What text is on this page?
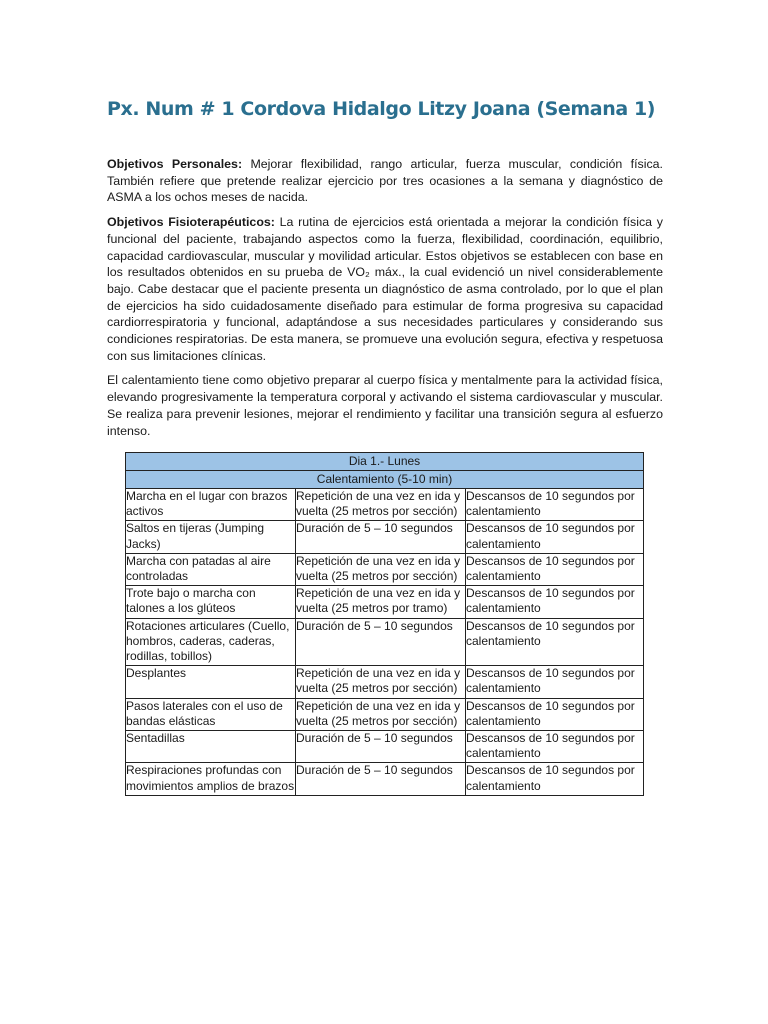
Px. Num # 1 Cordova Hidalgo Litzy Joana (Semana 1)

Objetivos Personales: Mejorar flexibilidad, rango articular, fuerza muscular, condición física. También refiere que pretende realizar ejercicio por tres ocasiones a la semana y diagnóstico de ASMA a los ochos meses de nacida.

Objetivos Fisioterapéuticos: La rutina de ejercicios está orientada a mejorar la condición física y funcional del paciente, trabajando aspectos como la fuerza, flexibilidad, coordinación, equilibrio, capacidad cardiovascular, muscular y movilidad articular. Estos objetivos se establecen con base en los resultados obtenidos en su prueba de VO₂ máx., la cual evidenció un nivel considerablemente bajo. Cabe destacar que el paciente presenta un diagnóstico de asma controlado, por lo que el plan de ejercicios ha sido cuidadosamente diseñado para estimular de forma progresiva su capacidad cardiorrespiratoria y funcional, adaptándose a sus necesidades particulares y considerando sus condiciones respiratorias. De esta manera, se promueve una evolución segura, efectiva y respetuosa con sus limitaciones clínicas.

El calentamiento tiene como objetivo preparar al cuerpo física y mentalmente para la actividad física, elevando progresivamente la temperatura corporal y activando el sistema cardiovascular y muscular. Se realiza para prevenir lesiones, mejorar el rendimiento y facilitar una transición segura al esfuerzo intenso.

Dia 1.- Lunes		
Calentamiento (5-10 min)		
Marcha en el lugar con brazos activos	Repetición de una vez en ida y vuelta (25 metros por sección)	Descansos de 10 segundos por calentamiento
Saltos en tijeras (Jumping Jacks)	Duración de 5 – 10 segundos	Descansos de 10 segundos por calentamiento
Marcha con patadas al aire controladas	Repetición de una vez en ida y vuelta (25 metros por sección)	Descansos de 10 segundos por calentamiento
Trote bajo o marcha con talones a los glúteos	Repetición de una vez en ida y vuelta (25 metros por tramo)	Descansos de 10 segundos por calentamiento
Rotaciones articulares (Cuello, hombros, caderas, caderas, rodillas, tobillos)	Duración de 5 – 10 segundos	Descansos de 10 segundos por calentamiento
Desplantes	Repetición de una vez en ida y vuelta (25 metros por sección)	Descansos de 10 segundos por calentamiento
Pasos laterales con el uso de bandas elásticas	Repetición de una vez en ida y vuelta (25 metros por sección)	Descansos de 10 segundos por calentamiento
Sentadillas	Duración de 5 – 10 segundos	Descansos de 10 segundos por calentamiento
Respiraciones profundas con movimientos amplios de brazos	Duración de 5 – 10 segundos	Descansos de 10 segundos por calentamiento
